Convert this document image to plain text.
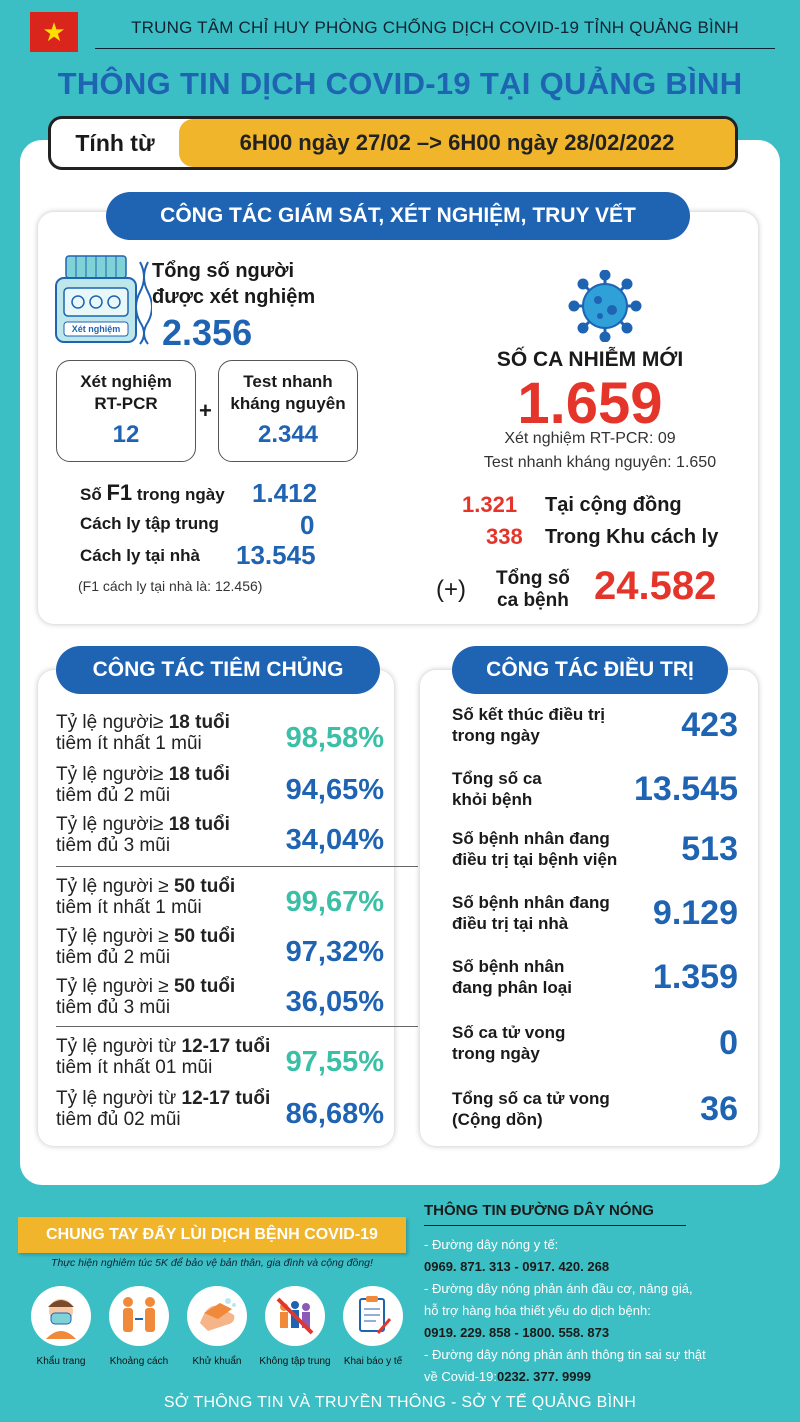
★	TRUNG TÂM CHỈ HUY PHÒNG CHỐNG DỊCH COVID-19 TỈNH QUẢNG BÌNH
THÔNG TIN DỊCH COVID-19 TẠI QUẢNG BÌNH
Tính từ	6H00 ngày 27/02 –> 6H00 ngày 28/02/2022
CÔNG TÁC GIÁM SÁT, XÉT NGHIỆM, TRUY VẾT
Xét nghiệm
Tổng số người
được xét nghiệm
2.356
Xét nghiệm
RT-PCR
12
+
Test nhanh
kháng nguyên
2.344
Số F1 trong ngày 1.412
Cách ly tập trung	0
Cách ly tại nhà 13.545
(F1 cách ly tại nhà là: 12.456)
SỐ CA NHIỄM MỚI
1.659
Xét nghiệm RT-PCR: 09
Test nhanh kháng nguyên: 1.650
1.321 Tại cộng đồng
338 Trong Khu cách ly
(+) Tổng số
ca bệnh 24.582
CÔNG TÁC TIÊM CHỦNG
Tỷ lệ người≥ 18 tuổi
tiêm ít nhất 1 mũi	98,58%
Tỷ lệ người≥ 18 tuổi
tiêm đủ 2 mũi	94,65%
Tỷ lệ người≥ 18 tuổi
tiêm đủ 3 mũi	34,04%
Tỷ lệ người ≥ 50 tuổi
tiêm ít nhất 1 mũi	99,67%
Tỷ lệ người ≥ 50 tuổi
tiêm đủ 2 mũi	97,32%
Tỷ lệ người ≥ 50 tuổi
tiêm đủ 3 mũi	36,05%
Tỷ lệ người từ 12-17 tuổi
tiêm ít nhất 01 mũi	97,55%
Tỷ lệ người từ 12-17 tuổi
tiêm đủ 02 mũi	86,68%
CÔNG TÁC ĐIỀU TRỊ
Số kết thúc điều trị
trong ngày	423
Tổng số ca
khỏi bệnh	13.545
Số bệnh nhân đang
điều trị tại bệnh viện 513
Số bệnh nhân đang
điều trị tại nhà	9.129
Số bệnh nhân
đang phân loại 1.359
Số ca tử vong
trong ngày	0
Tổng số ca tử vong
(Cộng dồn)	36
CHUNG TAY ĐẨY LÙI DỊCH BỆNH COVID-19
Thực hiện nghiêm túc 5K để bảo vệ bản thân, gia đình và cộng đồng!
Khẩu trang	Khoảng cách	Khử khuẩn	Không tập trung	Khai báo y tế
THÔNG TIN ĐƯỜNG DÂY NÓNG
- Đường dây nóng y tế:
0969. 871. 313 - 0917. 420. 268
- Đường dây nóng phản ánh đầu cơ, nâng giá,
hỗ trợ hàng hóa thiết yếu do dịch bệnh:
0919. 229. 858 - 1800. 558. 873
- Đường dây nóng phản ánh thông tin sai sự thật
về Covid-19:0232. 377. 9999
SỞ THÔNG TIN VÀ TRUYỀN THÔNG - SỞ Y TẾ QUẢNG BÌNH
